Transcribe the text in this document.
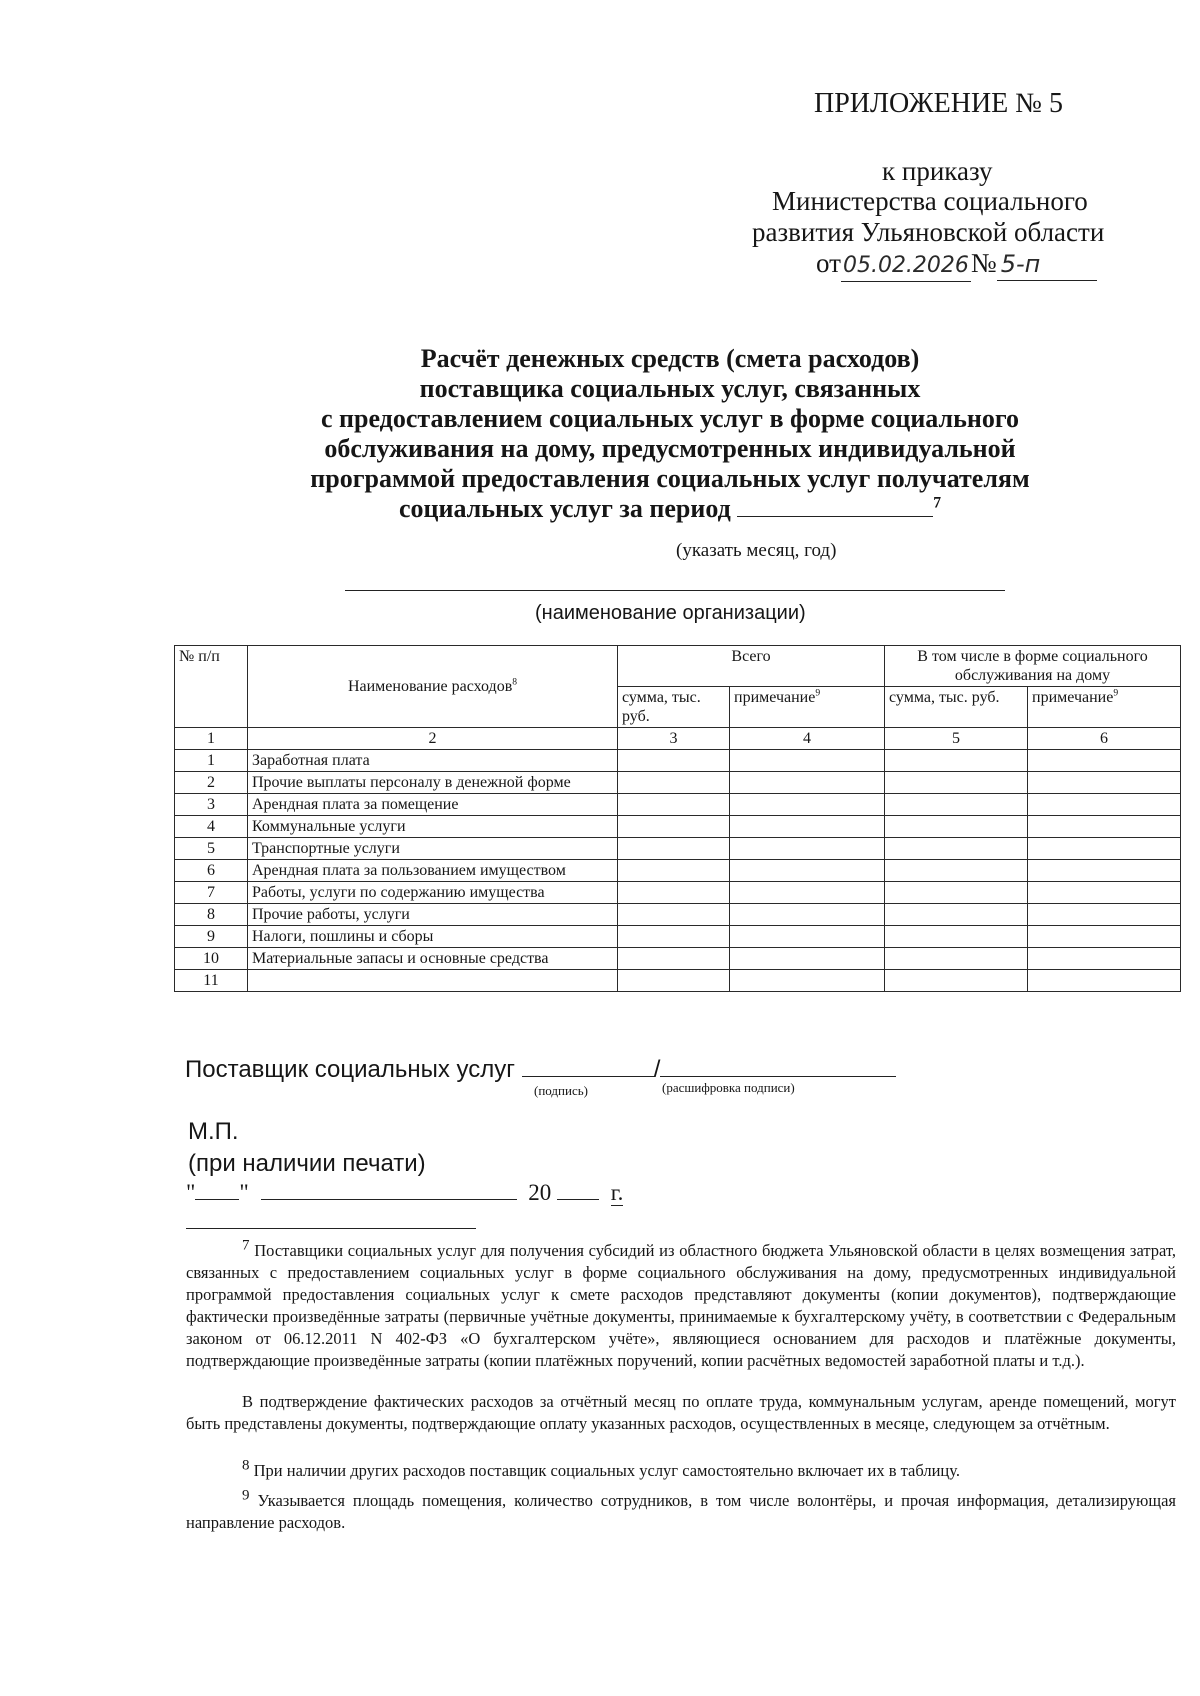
ПРИЛОЖЕНИЕ № 5
к приказу
Министерства социального
развития Ульяновской области
от05.02.2026№ 5-п
Расчёт денежных средств (смета расходов)
поставщика социальных услуг, связанных
с предоставлением социальных услуг в форме социального
обслуживания на дому, предусмотренных индивидуальной
программой предоставления социальных услуг получателям
социальных услуг за период	$^7$
(указать месяц, год)
(наименование организации)
№ п/п	Наименование расходов$^8$	Всего		В том числе в форме социального обслуживания на дому	
		сумма, тыс. руб.	примечание$^9$	сумма, тыс. руб.	примечание$^9$
1	2	3	4	5	6
1	Заработная плата				
2	Прочие выплаты персоналу в денежной форме				
3	Арендная плата за помещение				
4	Коммунальные услуги				
5	Транспортные услуги				
6	Арендная плата за пользованием имуществом				
7	Работы, услуги по содержанию имущества				
8	Прочие работы, услуги				
9	Налоги, пошлины и сборы				
10	Материальные запасы и основные средства				
11					
Поставщик социальных услуг	/
(подпись)	(расшифровка подписи)
М.П.
(при наличии печати)
" "	20	г.
$^7$ Поставщики социальных услуг для получения субсидий из областного бюджета Ульяновской области в целях возмещения затрат, связанных с предоставлением социальных услуг в форме социального обслуживания на дому, предусмотренных индивидуальной программой предоставления социальных услуг к смете расходов представляют документы (копии документов), подтверждающие фактически произведённые затраты (первичные учётные документы, принимаемые к бухгалтерскому учёту, в соответствии с Федеральным законом от 06.12.2011 N 402-ФЗ «О бухгалтерском учёте», являющиеся основанием для расходов и платёжные документы, подтверждающие произведённые затраты (копии платёжных поручений, копии расчётных ведомостей заработной платы и т.д.).
В подтверждение фактических расходов за отчётный месяц по оплате труда, коммунальным услугам, аренде помещений, могут быть представлены документы, подтверждающие оплату указанных расходов, осуществленных в месяце, следующем за отчётным.
$^8$ При наличии других расходов поставщик социальных услуг самостоятельно включает их в таблицу.
$^9$ Указывается площадь помещения, количество сотрудников, в том числе волонтёры, и прочая информация, детализирующая направление расходов.
